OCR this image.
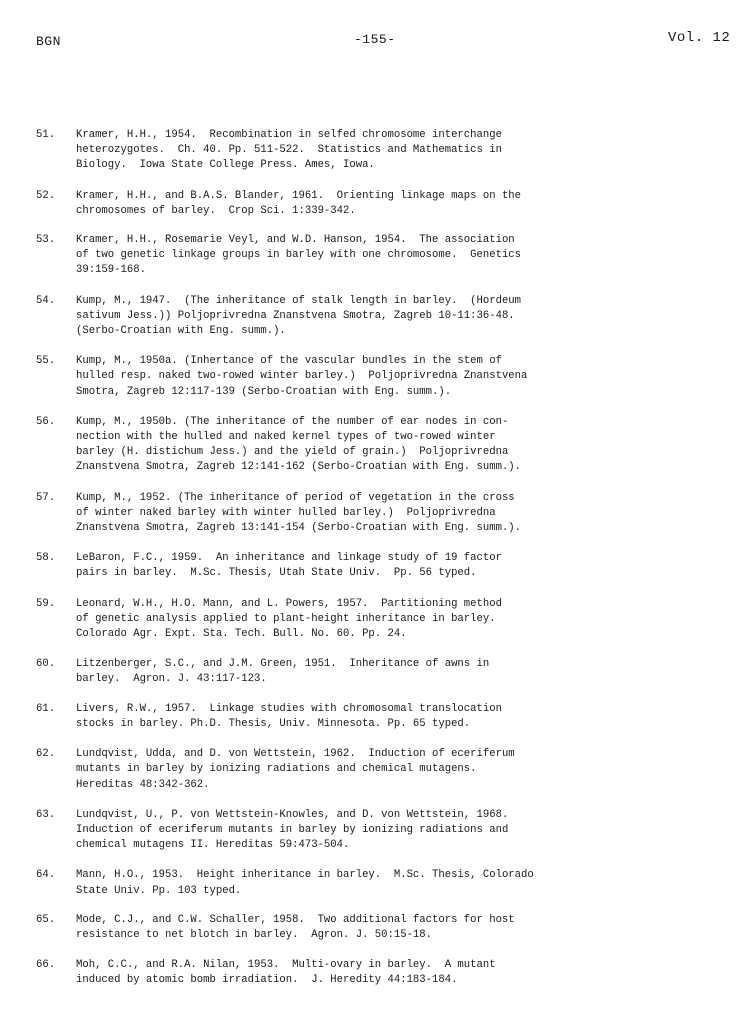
BGN	-155-	Vol. 12
51.	Kramer, H.H., 1954.  Recombination in selfed chromosome interchange
heterozygotes.  Ch. 40. Pp. 511-522.  Statistics and Mathematics in
Biology.  Iowa State College Press. Ames, Iowa.
52.	Kramer, H.H., and B.A.S. Blander, 1961.  Orienting linkage maps on the
chromosomes of barley.  Crop Sci. 1:339-342.
53.	Kramer, H.H., Rosemarie Veyl, and W.D. Hanson, 1954.  The association
of two genetic linkage groups in barley with one chromosome.  Genetics
39:159-168.
54.	Kump, M., 1947.  (The inheritance of stalk length in barley.  (Hordeum
sativum Jess.)) Poljoprivredna Znanstvena Smotra, Zagreb 10-11:36-48.
(Serbo-Croatian with Eng. summ.).
55.	Kump, M., 1950a. (Inhertance of the vascular bundles in the stem of
hulled resp. naked two-rowed winter barley.)  Poljoprivredna Znanstvena
Smotra, Zagreb 12:117-139 (Serbo-Croatian with Eng. summ.).
56.	Kump, M., 1950b. (The inheritance of the number of ear nodes in con-
nection with the hulled and naked kernel types of two-rowed winter
barley (H. distichum Jess.) and the yield of grain.)  Poljoprivredna
Znanstvena Smotra, Zagreb 12:141-162 (Serbo-Croatian with Eng. summ.).
57.	Kump, M., 1952. (The inheritance of period of vegetation in the cross
of winter naked barley with winter hulled barley.)  Poljoprivredna
Znanstvena Smotra, Zagreb 13:141-154 (Serbo-Croatian with Eng. summ.).
58.	LeBaron, F.C., 1959.  An inheritance and linkage study of 19 factor
pairs in barley.  M.Sc. Thesis, Utah State Univ.  Pp. 56 typed.
59.	Leonard, W.H., H.O. Mann, and L. Powers, 1957.  Partitioning method
of genetic analysis applied to plant-height inheritance in barley.
Colorado Agr. Expt. Sta. Tech. Bull. No. 60. Pp. 24.
60.	Litzenberger, S.C., and J.M. Green, 1951.  Inheritance of awns in
barley.  Agron. J. 43:117-123.
61.	Livers, R.W., 1957.  Linkage studies with chromosomal translocation
stocks in barley. Ph.D. Thesis, Univ. Minnesota. Pp. 65 typed.
62.	Lundqvist, Udda, and D. von Wettstein, 1962.  Induction of eceriferum
mutants in barley by ionizing radiations and chemical mutagens.
Hereditas 48:342-362.
63.	Lundqvist, U., P. von Wettstein-Knowles, and D. von Wettstein, 1968.
Induction of eceriferum mutants in barley by ionizing radiations and
chemical mutagens II. Hereditas 59:473-504.
64.	Mann, H.O., 1953.  Height inheritance in barley.  M.Sc. Thesis, Colorado
State Univ. Pp. 103 typed.
65.	Mode, C.J., and C.W. Schaller, 1958.  Two additional factors for host
resistance to net blotch in barley.  Agron. J. 50:15-18.
66.	Moh, C.C., and R.A. Nilan, 1953.  Multi-ovary in barley.  A mutant
induced by atomic bomb irradiation.  J. Heredity 44:183-184.
